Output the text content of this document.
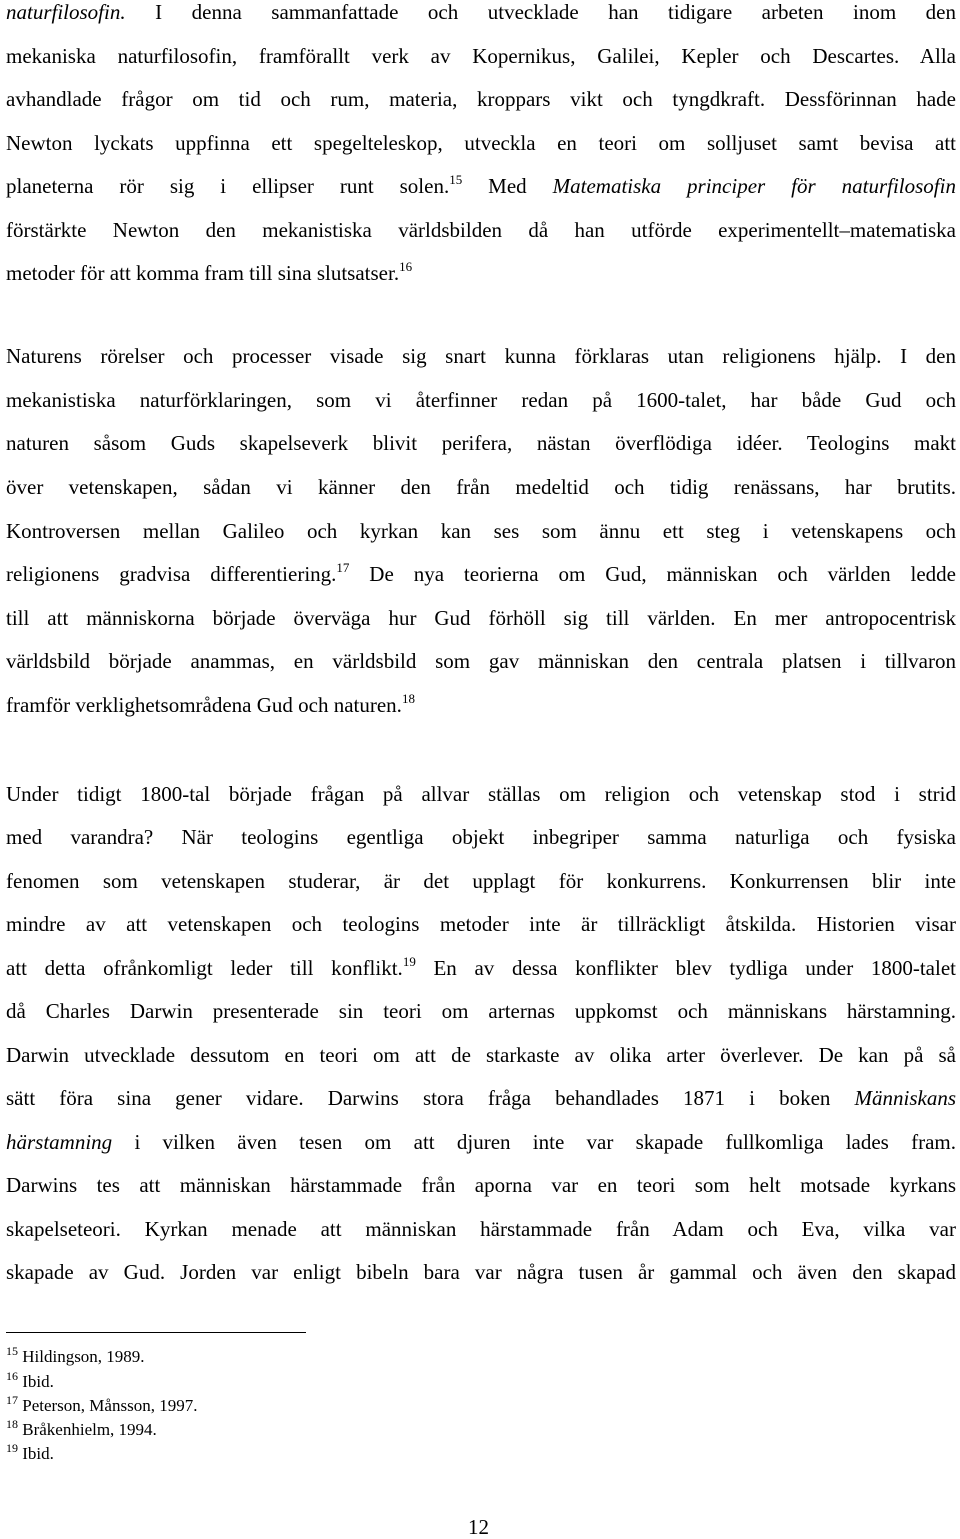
naturfilosofin. I denna sammanfattade och utvecklade han tidigare arbeten inom den
mekaniska naturfilosofin, framförallt verk av Kopernikus, Galilei, Kepler och Descartes. Alla
avhandlade frågor om tid och rum, materia, kroppars vikt och tyngdkraft. Dessförinnan hade
Newton lyckats uppfinna ett spegelteleskop, utveckla en teori om solljuset samt bevisa att
planeterna rör sig i ellipser runt solen.$^{15}$ Med Matematiska principer för naturfilosofin
förstärkte Newton den mekanistiska världsbilden då han utförde experimentellt–matematiska
metoder för att komma fram till sina slutsatser.$^{16}$
Naturens rörelser och processer visade sig snart kunna förklaras utan religionens hjälp. I den
mekanistiska naturförklaringen, som vi återfinner redan på 1600-talet, har både Gud och
naturen såsom Guds skapelseverk blivit perifera, nästan överflödiga idéer. Teologins makt
över vetenskapen, sådan vi känner den från medeltid och tidig renässans, har brutits.
Kontroversen mellan Galileo och kyrkan kan ses som ännu ett steg i vetenskapens och
religionens gradvisa differentiering.$^{17}$ De nya teorierna om Gud, människan och världen ledde
till att människorna började överväga hur Gud förhöll sig till världen. En mer antropocentrisk
världsbild började anammas, en världsbild som gav människan den centrala platsen i tillvaron
framför verklighetsområdena Gud och naturen.$^{18}$
Under tidigt 1800-tal började frågan på allvar ställas om religion och vetenskap stod i strid
med varandra? När teologins egentliga objekt inbegriper samma naturliga och fysiska
fenomen som vetenskapen studerar, är det upplagt för konkurrens. Konkurrensen blir inte
mindre av att vetenskapen och teologins metoder inte är tillräckligt åtskilda. Historien visar
att detta ofrånkomligt leder till konflikt.$^{19}$ En av dessa konflikter blev tydliga under 1800-talet
då Charles Darwin presenterade sin teori om arternas uppkomst och människans härstamning.
Darwin utvecklade dessutom en teori om att de starkaste av olika arter överlever. De kan på så
sätt föra sina gener vidare. Darwins stora fråga behandlades 1871 i boken Människans
härstamning i vilken även tesen om att djuren inte var skapade fullkomliga lades fram.
Darwins tes att människan härstammade från aporna var en teori som helt motsade kyrkans
skapelseteori. Kyrkan menade att människan härstammade från Adam och Eva, vilka var
skapade av Gud. Jorden var enligt bibeln bara var några tusen år gammal och även den skapad
$^{15}$ Hildingson, 1989.
$^{16}$ Ibid.
$^{17}$ Peterson, Månsson, 1997.
$^{18}$ Bråkenhielm, 1994.
$^{19}$ Ibid.
12
